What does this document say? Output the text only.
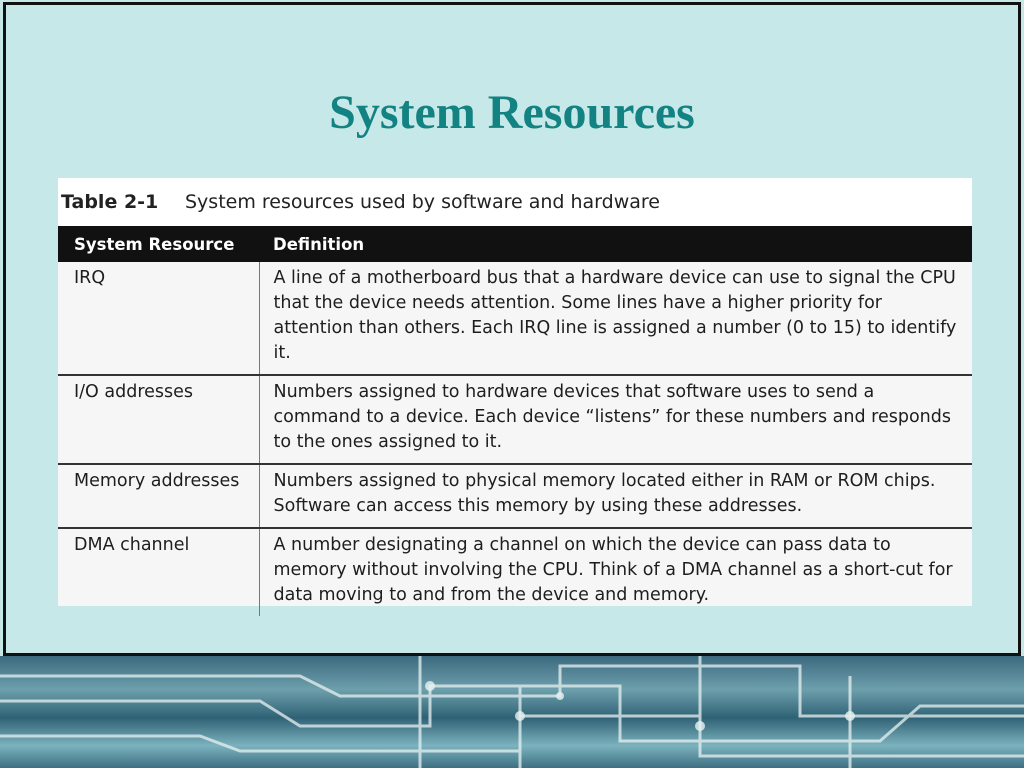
System Resources
Table 2-1	System resources used by software and hardware
System Resource	Definition
IRQ	A line of a motherboard bus that a hardware device can use to signal the CPU that the device needs attention. Some lines have a higher priority for attention than others. Each IRQ line is assigned a number (0 to 15) to identify it.
I/O addresses	Numbers assigned to hardware devices that software uses to send a command to a device. Each device “listens” for these numbers and responds to the ones assigned to it.
Memory addresses	Numbers assigned to physical memory located either in RAM or ROM chips. Software can access this memory by using these addresses.
DMA channel	A number designating a channel on which the device can pass data to memory without involving the CPU. Think of a DMA channel as a short-cut for data moving to and from the device and memory.
